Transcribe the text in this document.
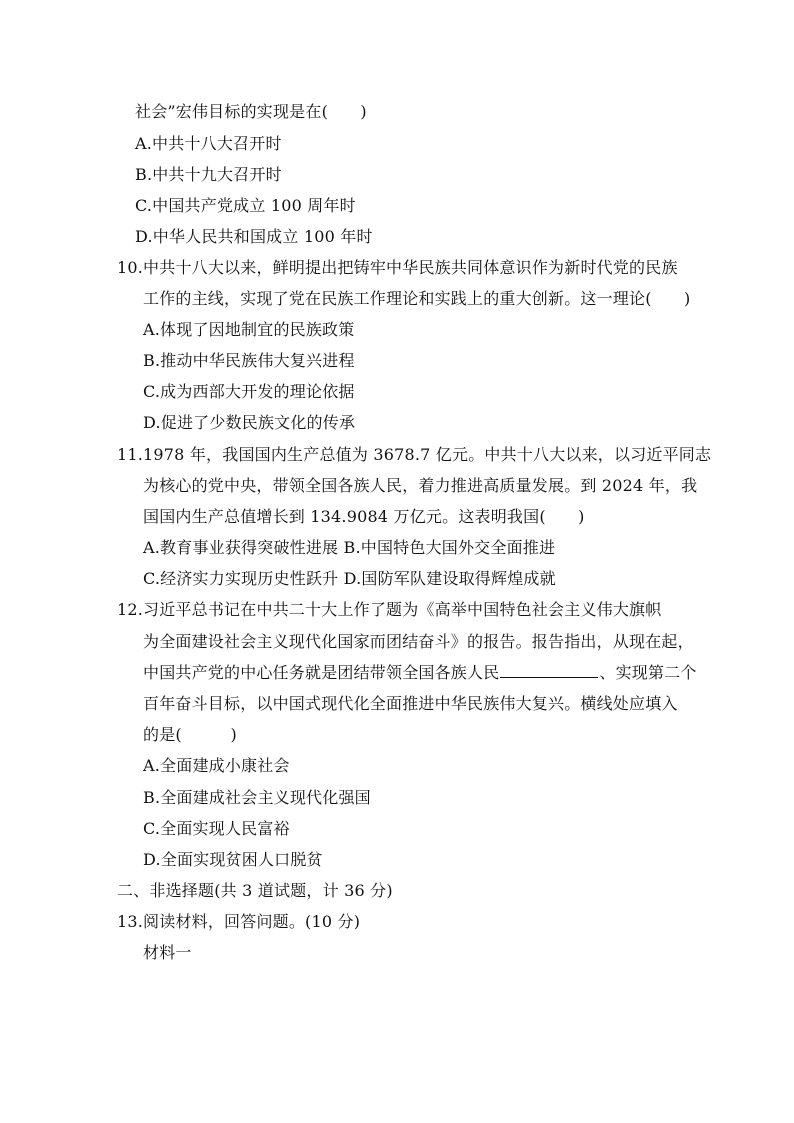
社会”宏伟目标的实现是在(　　)
A.中共十八大召开时
B.中共十九大召开时
C.中国共产党成立 100 周年时
D.中华人民共和国成立 100 年时
10.中共十八大以来，鲜明提出把铸牢中华民族共同体意识作为新时代党的民族
工作的主线，实现了党在民族工作理论和实践上的重大创新。这一理论(　　)
A.体现了因地制宜的民族政策
B.推动中华民族伟大复兴进程
C.成为西部大开发的理论依据
D.促进了少数民族文化的传承
11.1978 年，我国国内生产总值为 3678.7 亿元。中共十八大以来，以习近平同志
为核心的党中央，带领全国各族人民，着力推进高质量发展。到 2024 年，我
国国内生产总值增长到 134.9084 万亿元。这表明我国(　　)
A.教育事业获得突破性进展 B.中国特色大国外交全面推进
C.经济实力实现历史性跃升 D.国防军队建设取得辉煌成就
12.习近平总书记在中共二十大上作了题为《高举中国特色社会主义伟大旗帜
为全面建设社会主义现代化国家而团结奋斗》的报告。报告指出，从现在起，
中国共产党的中心任务就是团结带领全国各族人民	、实现第二个
百年奋斗目标，以中国式现代化全面推进中华民族伟大复兴。横线处应填入
的是(　　　)
A.全面建成小康社会
B.全面建成社会主义现代化强国
C.全面实现人民富裕
D.全面实现贫困人口脱贫
二、非选择题(共 3 道试题，计 36 分)
13.阅读材料，回答问题。(10 分)
材料一
